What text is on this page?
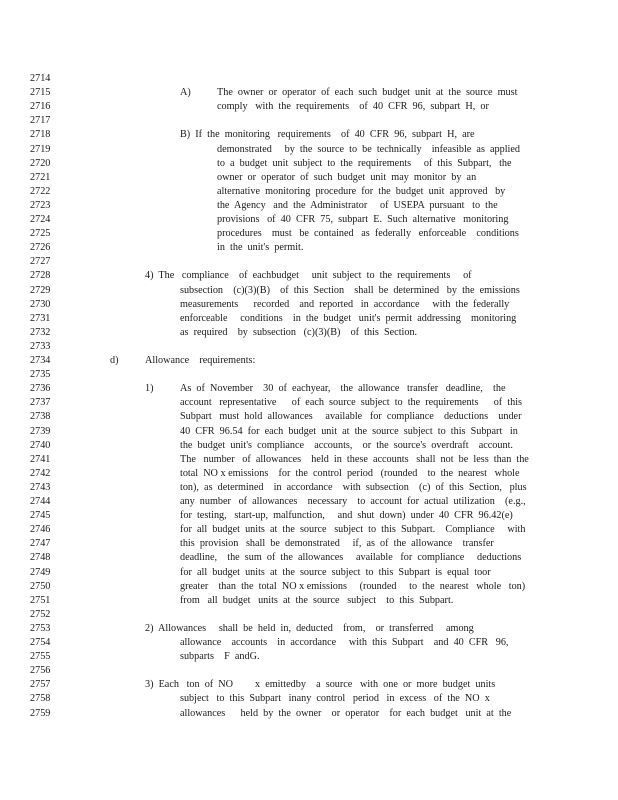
2714
2715	A)	The  owner  or  operator  of  each  such  budget  unit  at  the  source  must
2716	comply   with  the  requirements    of  40  CFR  96,  subpart  H,  or
2717
2718	B)  If  the  monitoring   requirements    of  40  CFR  96,  subpart  H,  are
2719	demonstrated     by  the  source  to  be  technically    infeasible  as  applied
2720	to  a  budget  unit  subject  to  the  requirements     of  this  Subpart,   the
2721	owner  or  operator  of  such  budget  unit  may  monitor  by  an
2722	alternative  monitoring  procedure  for  the  budget  unit  approved   by
2723	the  Agency   and  the  Administrator     of  USEPA  pursuant   to  the
2724	provisions   of  40  CFR  75,  subpart  E.  Such  alternative   monitoring
2725	procedures    must   be  contained   as  federally   enforceable    conditions
2726	in  the  unit's  permit.
2727
2728	4)  The   compliance    of  eachbudget     unit  subject  to  the  requirements     of
2729	subsection    (c)(3)(B)    of  this  Section    shall  be  determined   by  the  emissions
2730	measurements      recorded    and  reported   in  accordance     with  the  federally
2731	enforceable     conditions    in  the  budget   unit's  permit  addressing    monitoring
2732	as  required    by  subsection   (c)(3)(B)    of  this  Section.
2733
2734	d)	Allowance    requirements:
2735
2736	1)	As  of  November    30  of  eachyear,    the  allowance   transfer   deadline,    the
2737	account   representative      of  each  source  subject  to  the  requirements      of  this
2738	Subpart   must  hold  allowances     available   for  compliance    deductions    under
2739	40  CFR  96.54  for  each  budget  unit  at  the  source  subject  to  this  Subpart   in
2740	the  budget  unit's  compliance    accounts,    or  the  source's  overdraft    account.
2741	The   number   of  allowances    held  in  these  accounts   shall  not  be  less  than  the
2742	total  NO x emissions    for  the  control  period   (rounded    to  the  nearest   whole
2743	ton),  as  determined    in  accordance    with  subsection    (c)  of  this  Section,   plus
2744	any  number   of  allowances    necessary    to  account  for  actual  utilization    (e.g.,
2745	for  testing,   start-up,  malfunction,     and  shut  down)  under  40  CFR  96.42(e)
2746	for  all  budget  units  at  the  source   subject  to  this  Subpart.    Compliance     with
2747	this  provision   shall  be  demonstrated     if,  as  of  the  allowance    transfer
2748	deadline,    the  sum  of  the  allowances     available   for  compliance     deductions
2749	for  all  budget  units  at  the  source  subject  to  this  Subpart  is  equal  toor
2750	greater    than  the  total  NO x emissions     (rounded     to  the  nearest   whole   ton)
2751	from   all  budget   units  at  the  source   subject    to  this  Subpart.
2752
2753	2)  Allowances     shall  be  held  in,  deducted    from,    or  transferred     among
2754	allowance    accounts    in  accordance     with  this  Subpart    and  40  CFR   96,
2755	subparts    F  andG.
2756
2757	3)  Each   ton  of  NO x  emittedby    a  source   with  one  or  more  budget  units
2758	subject   to  this  Subpart   inany  control   period   in  excess   of  the  NO  x
2759	allowances      held  by  the  owner    or  operator    for  each  budget   unit  at  the
